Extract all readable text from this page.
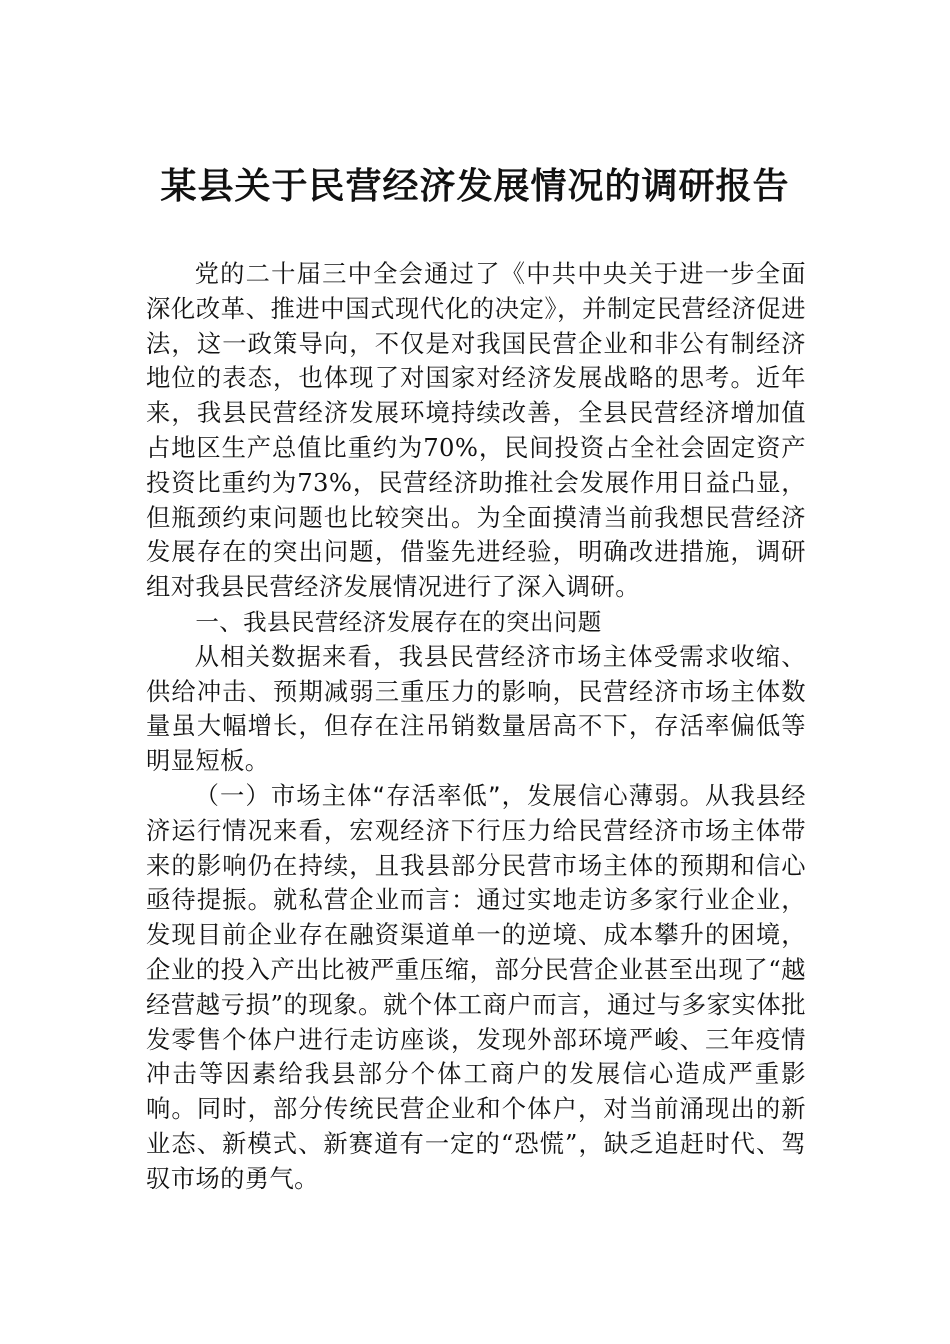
某县关于民营经济发展情况的调研报告

党的二十届三中全会通过了《中共中央关于进一步全面深化改革、推进中国式现代化的决定》，并制定民营经济促进法，这一政策导向，不仅是对我国民营企业和非公有制经济地位的表态，也体现了对国家对经济发展战略的思考。近年来，我县民营经济发展环境持续改善，全县民营经济增加值占地区生产总值比重约为70%，民间投资占全社会固定资产投资比重约为73%，民营经济助推社会发展作用日益凸显，但瓶颈约束问题也比较突出。为全面摸清当前我想民营经济发展存在的突出问题，借鉴先进经验，明确改进措施，调研组对我县民营经济发展情况进行了深入调研。

一、我县民营经济发展存在的突出问题

从相关数据来看，我县民营经济市场主体受需求收缩、供给冲击、预期减弱三重压力的影响，民营经济市场主体数量虽大幅增长，但存在注吊销数量居高不下，存活率偏低等明显短板。

（一）市场主体“存活率低”，发展信心薄弱。从我县经济运行情况来看，宏观经济下行压力给民营经济市场主体带来的影响仍在持续，且我县部分民营市场主体的预期和信心亟待提振。就私营企业而言：通过实地走访多家行业企业，发现目前企业存在融资渠道单一的逆境、成本攀升的困境，企业的投入产出比被严重压缩，部分民营企业甚至出现了“越经营越亏损”的现象。就个体工商户而言，通过与多家实体批发零售个体户进行走访座谈，发现外部环境严峻、三年疫情冲击等因素给我县部分个体工商户的发展信心造成严重影响。同时，部分传统民营企业和个体户，对当前涌现出的新业态、新模式、新赛道有一定的“恐慌”，缺乏追赶时代、驾驭市场的勇气。
